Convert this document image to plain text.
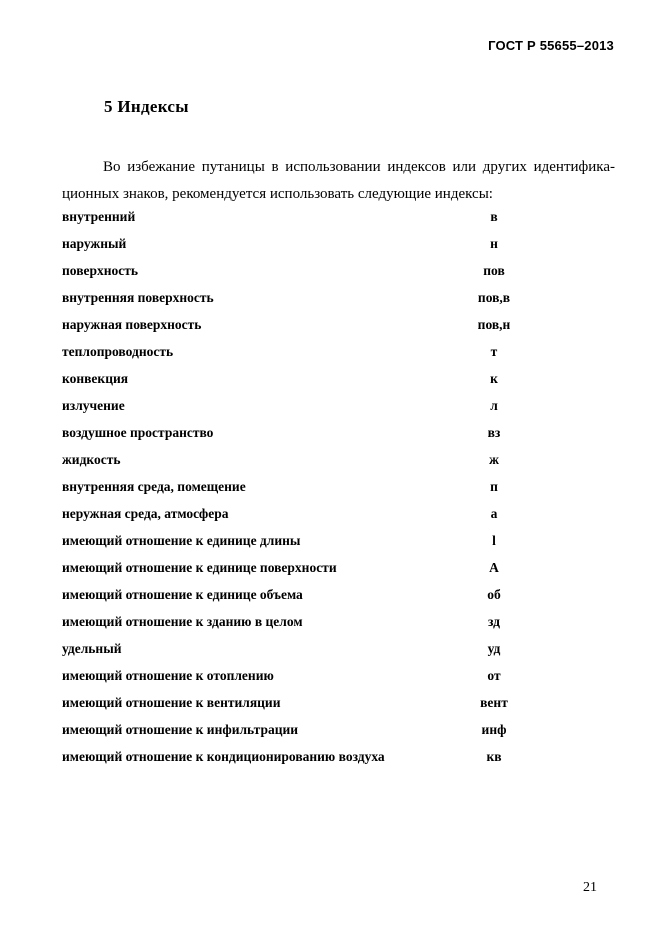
ГОСТ Р 55655–2013
5 Индексы
Во избежание путаницы в использовании индексов или других идентифика-
ционных знаков, рекомендуется использовать следующие индексы:
внутренний	в
наружный	н
поверхность	пов
внутренняя поверхность	пов,в
наружная поверхность	пов,н
теплопроводность	т
конвекция	к
излучение	л
воздушное пространство	вз
жидкость	ж
внутренняя среда, помещение	п
неружная среда, атмосфера	а
имеющий отношение к единице длины	l
имеющий отношение к единице поверхности	A
имеющий отношение к единице объема	об
имеющий отношение к зданию в целом	зд
удельный	уд
имеющий отношение к отоплению	от
имеющий отношение к вентиляции	вент
имеющий отношение к инфильтрации	инф
имеющий отношение к кондиционированию воздуха	кв
21
